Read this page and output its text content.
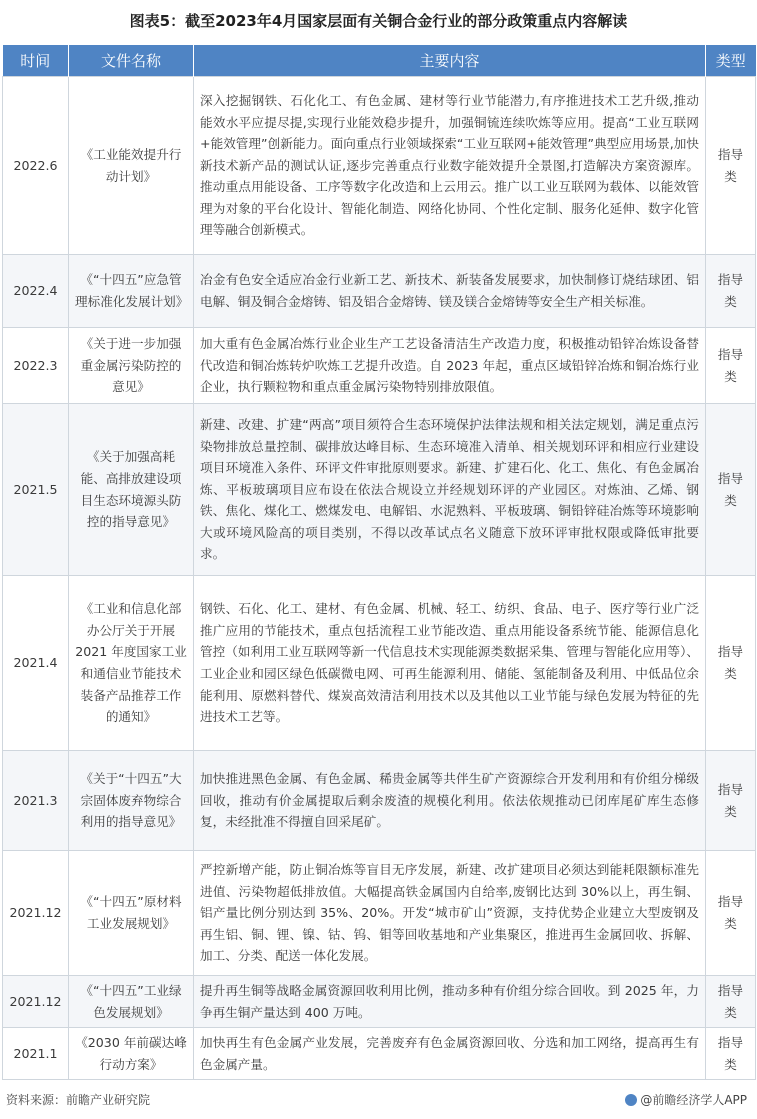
图表5：截至2023年4月国家层面有关铜合金行业的部分政策重点内容解读
时间	文件名称	主要内容	类型
2022.6	《工业能效提升行动计划》	深入挖掘钢铁、石化化工、有色金属、建材等行业节能潜力,有序推进技术工艺升级,推动能效水平应提尽提,实现行业能效稳步提升，加强铜锍连续吹炼等应用。提高“工业互联网+能效管理”创新能力。面向重点行业领域探索“工业互联网+能效管理”典型应用场景,加快新技术新产品的测试认证,逐步完善重点行业数字能效提升全景图,打造解决方案资源库。推动重点用能设备、工序等数字化改造和上云用云。推广以工业互联网为载体、以能效管理为对象的平台化设计、智能化制造、网络化协同、个性化定制、服务化延伸、数字化管理等融合创新模式。	指导类
2022.4	《“十四五”应急管理标准化发展计划》	冶金有色安全适应冶金行业新工艺、新技术、新装备发展要求，加快制修订烧结球团、铝电解、铜及铜合金熔铸、铝及铝合金熔铸、镁及镁合金熔铸等安全生产相关标准。	指导类
2022.3	《关于进一步加强重金属污染防控的意见》	加大重有色金属冶炼行业企业生产工艺设备清洁生产改造力度，积极推动铅锌冶炼设备替代改造和铜冶炼转炉吹炼工艺提升改造。自 2023 年起，重点区域铅锌冶炼和铜冶炼行业企业，执行颗粒物和重点重金属污染物特别排放限值。	指导类
2021.5	《关于加强高耗能、高排放建设项目生态环境源头防控的指导意见》	新建、改建、扩建“两高”项目须符合生态环境保护法律法规和相关法定规划，满足重点污染物排放总量控制、碳排放达峰目标、生态环境准入清单、相关规划环评和相应行业建设项目环境准入条件、环评文件审批原则要求。新建、扩建石化、化工、焦化、有色金属冶炼、平板玻璃项目应布设在依法合规设立并经规划环评的产业园区。对炼油、乙烯、钢铁、焦化、煤化工、燃煤发电、电解铝、水泥熟料、平板玻璃、铜铅锌硅冶炼等环境影响大或环境风险高的项目类别，不得以改革试点名义随意下放环评审批权限或降低审批要求。	指导类
2021.4	《工业和信息化部办公厅关于开展 2021 年度国家工业和通信业节能技术装备产品推荐工作的通知》	钢铁、石化、化工、建材、有色金属、机械、轻工、纺织、食品、电子、医疗等行业广泛推广应用的节能技术，重点包括流程工业节能改造、重点用能设备系统节能、能源信息化管控（如利用工业互联网等新一代信息技术实现能源类数据采集、管理与智能化应用等）、工业企业和园区绿色低碳微电网、可再生能源利用、储能、氢能制备及利用、中低品位余能利用、原燃料替代、煤炭高效清洁利用技术以及其他以工业节能与绿色发展为特征的先进技术工艺等。	指导类
2021.3	《关于“十四五”大宗固体废弃物综合利用的指导意见》	加快推进黑色金属、有色金属、稀贵金属等共伴生矿产资源综合开发利用和有价组分梯级回收，推动有价金属提取后剩余废渣的规模化利用。依法依规推动已闭库尾矿库生态修复，未经批准不得擅自回采尾矿。	指导类
2021.12	《“十四五”原材料工业发展规划》	严控新增产能，防止铜冶炼等盲目无序发展，新建、改扩建项目必须达到能耗限额标准先进值、污染物超低排放值。大幅提高铁金属国内自给率,废钢比达到 30%以上，再生铜、铝产量比例分别达到 35%、20%。开发“城市矿山”资源，支持优势企业建立大型废钢及再生铝、铜、锂、镍、钴、钨、钼等回收基地和产业集聚区，推进再生金属回收、拆解、加工、分类、配送一体化发展。	指导类
2021.12	《“十四五”工业绿色发展规划》	提升再生铜等战略金属资源回收利用比例，推动多种有价组分综合回收。到 2025 年，力争再生铜产量达到 400 万吨。	指导类
2021.1	《2030 年前碳达峰行动方案》	加快再生有色金属产业发展，完善废弃有色金属资源回收、分选和加工网络，提高再生有色金属产量。	指导类
资料来源：前瞻产业研究院	@前瞻经济学人APP
